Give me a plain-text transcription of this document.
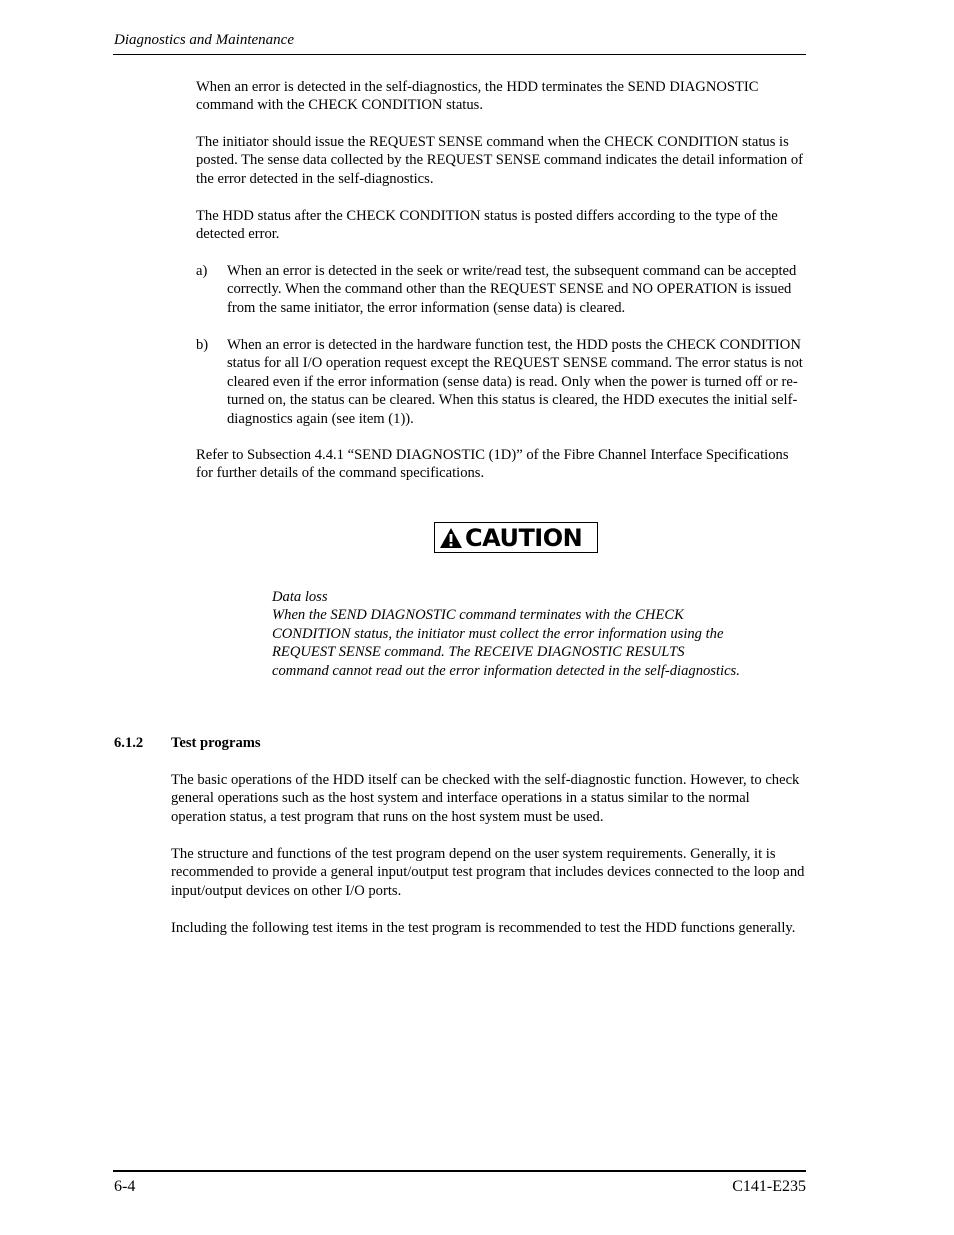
Diagnostics and Maintenance

When an error is detected in the self-diagnostics, the HDD terminates the SEND DIAGNOSTIC command with the CHECK CONDITION status.

The initiator should issue the REQUEST SENSE command when the CHECK CONDITION status is posted. The sense data collected by the REQUEST SENSE command indicates the detail information of the error detected in the self-diagnostics.

The HDD status after the CHECK CONDITION status is posted differs according to the type of the detected error.

a) When an error is detected in the seek or write/read test, the subsequent command can be accepted correctly. When the command other than the REQUEST SENSE and NO OPERATION is issued from the same initiator, the error information (sense data) is cleared.

b) When an error is detected in the hardware function test, the HDD posts the CHECK CONDITION status for all I/O operation request except the REQUEST SENSE command. The error status is not cleared even if the error information (sense data) is read. Only when the power is turned off or re-turned on, the status can be cleared. When this status is cleared, the HDD executes the initial self-diagnostics again (see item (1)).

Refer to Subsection 4.4.1 “SEND DIAGNOSTIC (1D)” of the Fibre Channel Interface Specifications for further details of the command specifications.

CAUTION
Data loss
When the SEND DIAGNOSTIC command terminates with the CHECK CONDITION status, the initiator must collect the error information using the REQUEST SENSE command. The RECEIVE DIAGNOSTIC RESULTS command cannot read out the error information detected in the self-diagnostics.
6.1.2 Test programs

The basic operations of the HDD itself can be checked with the self-diagnostic function. However, to check general operations such as the host system and interface operations in a status similar to the normal operation status, a test program that runs on the host system must be used.

The structure and functions of the test program depend on the user system requirements. Generally, it is recommended to provide a general input/output test program that includes devices connected to the loop and input/output devices on other I/O ports.

Including the following test items in the test program is recommended to test the HDD functions generally.

6-4	C141-E235
